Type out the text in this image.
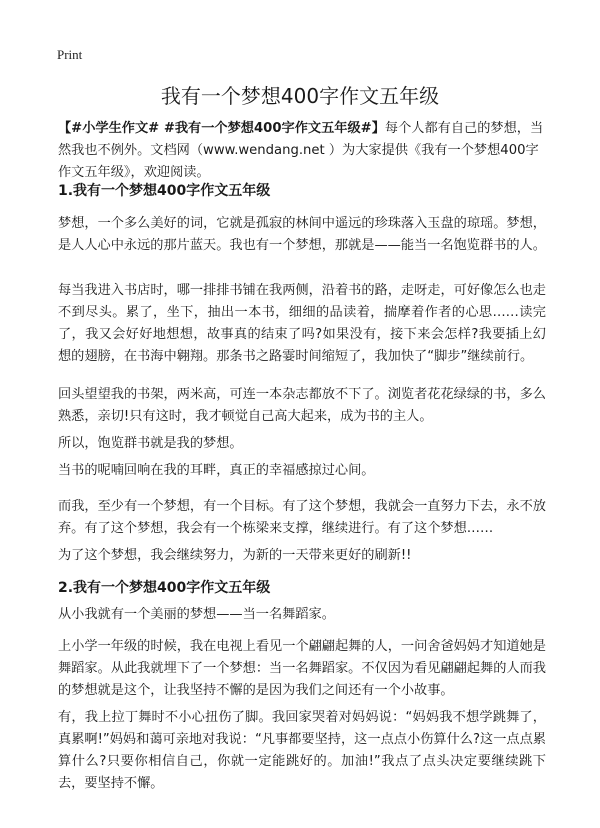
Print
我有一个梦想400字作文五年级

【#小学生作文# #我有一个梦想400字作文五年级#】每个人都有自己的梦想，当然我也不例外。文档网（www.wendang.net ）为大家提供《我有一个梦想400字作文五年级》，欢迎阅读。

1.我有一个梦想400字作文五年级

梦想，一个多么美好的词，它就是孤寂的林间中遥远的珍珠落入玉盘的琼瑶。梦想，是人人心中永远的那片蓝天。我也有一个梦想，那就是——能当一名饱览群书的人。

每当我进入书店时，哪一排排书铺在我两侧，沿着书的路，走呀走，可好像怎么也走不到尽头。累了，坐下，抽出一本书，细细的品读着，揣摩着作者的心思……读完了，我又会好好地想想，故事真的结束了吗?如果没有，接下来会怎样?我要插上幻想的翅膀，在书海中翱翔。那条书之路霎时间缩短了，我加快了“脚步”继续前行。

回头望望我的书架，两米高，可连一本杂志都放不下了。浏览者花花绿绿的书，多么熟悉，亲切!只有这时，我才顿觉自己高大起来，成为书的主人。

所以，饱览群书就是我的梦想。

当书的呢喃回响在我的耳畔，真正的幸福感掠过心间。

而我，至少有一个梦想，有一个目标。有了这个梦想，我就会一直努力下去，永不放弃。有了这个梦想，我会有一个栋梁来支撑，继续进行。有了这个梦想……

为了这个梦想，我会继续努力，为新的一天带来更好的刷新!!

2.我有一个梦想400字作文五年级

从小我就有一个美丽的梦想——当一名舞蹈家。

上小学一年级的时候，我在电视上看见一个翩翩起舞的人，一问舍爸妈妈才知道她是舞蹈家。从此我就埋下了一个梦想：当一名舞蹈家。不仅因为看见翩翩起舞的人而我的梦想就是这个，让我坚持不懈的是因为我们之间还有一个小故事。

有，我上拉丁舞时不小心扭伤了脚。我回家哭着对妈妈说：“妈妈我不想学跳舞了，真累啊!”妈妈和蔼可亲地对我说：“凡事都要坚持，这一点点小伤算什么?这一点点累算什么?只要你相信自己，你就一定能跳好的。加油!”我点了点头决定要继续跳下去，要坚持不懈。
